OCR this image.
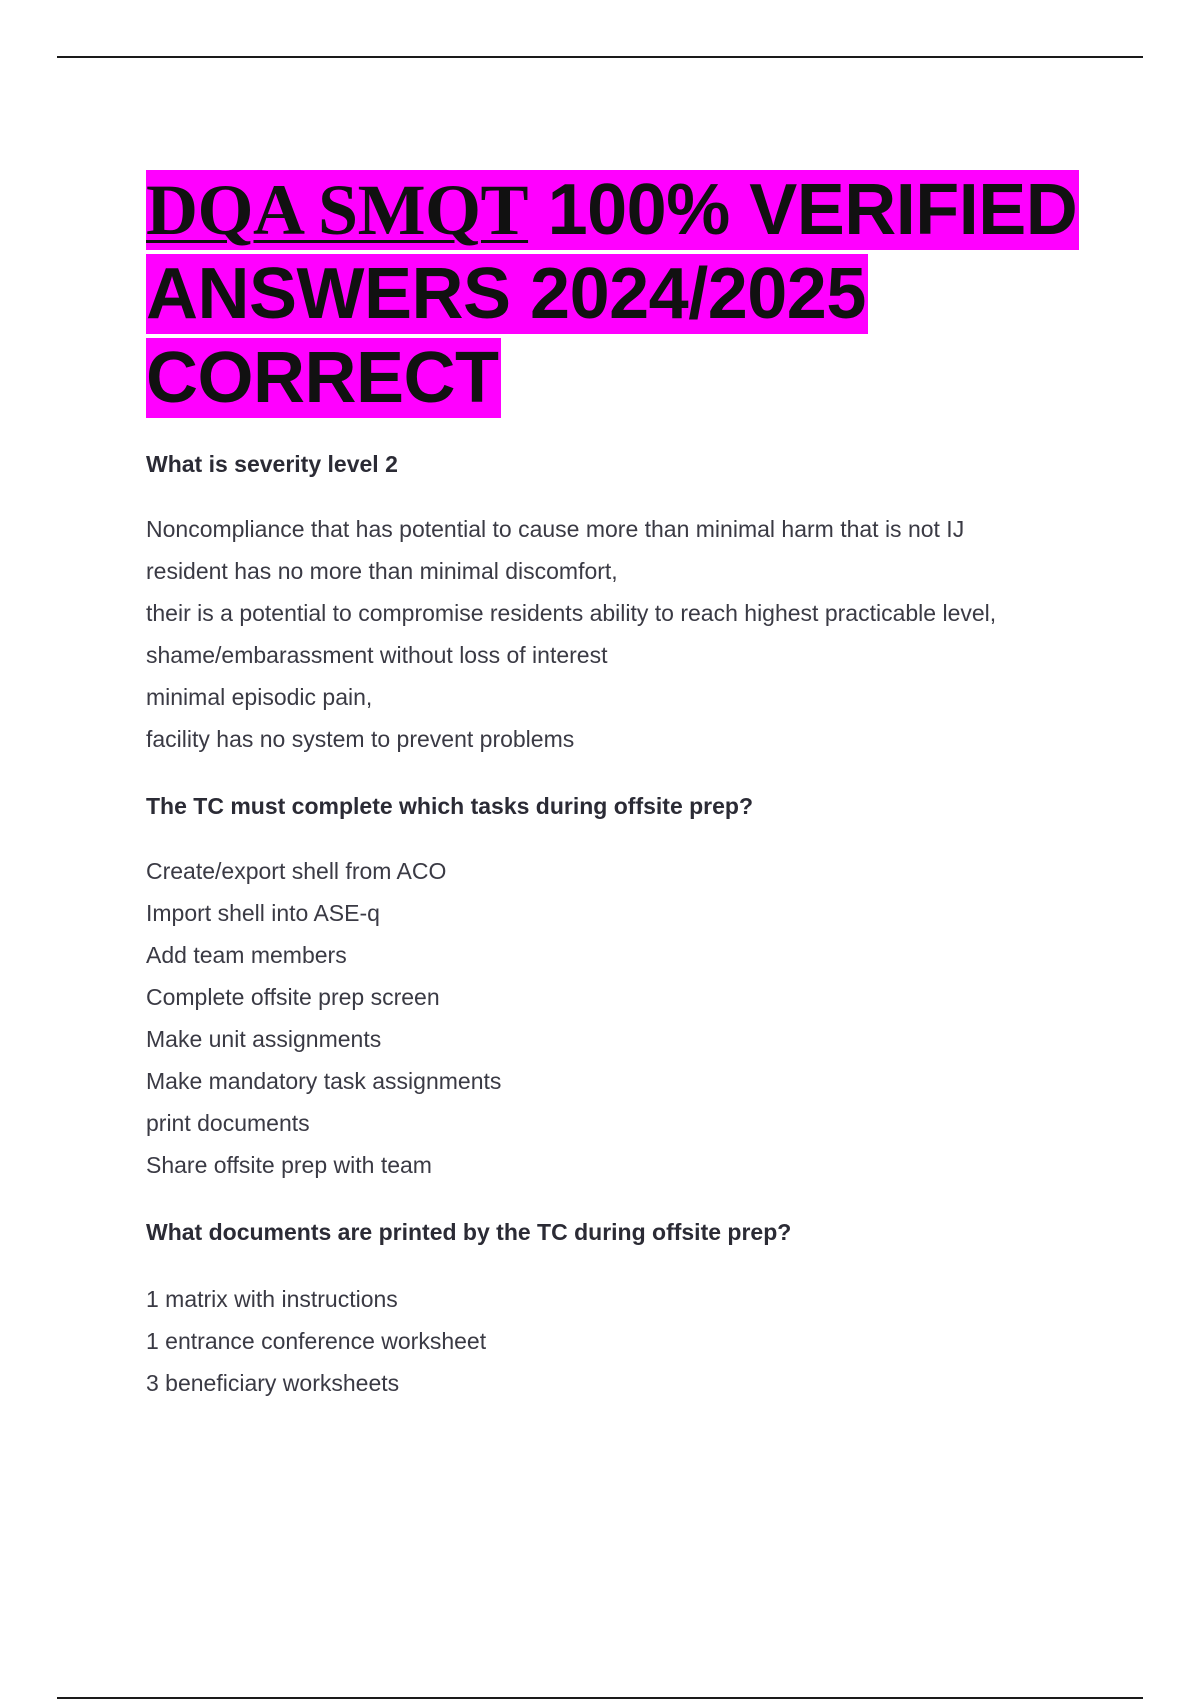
DQA SMQT 100% VERIFIED ANSWERS 2024/2025 CORRECT

What is severity level 2

Noncompliance that has potential to cause more than minimal harm that is not IJ
resident has no more than minimal discomfort,
their is a potential to compromise residents ability to reach highest practicable level,
shame/embarassment without loss of interest
minimal episodic pain,
facility has no system to prevent problems

The TC must complete which tasks during offsite prep?

Create/export shell from ACO
Import shell into ASE-q
Add team members
Complete offsite prep screen
Make unit assignments
Make mandatory task assignments
print documents
Share offsite prep with team

What documents are printed by the TC during offsite prep?

1 matrix with instructions
1 entrance conference worksheet
3 beneficiary worksheets
